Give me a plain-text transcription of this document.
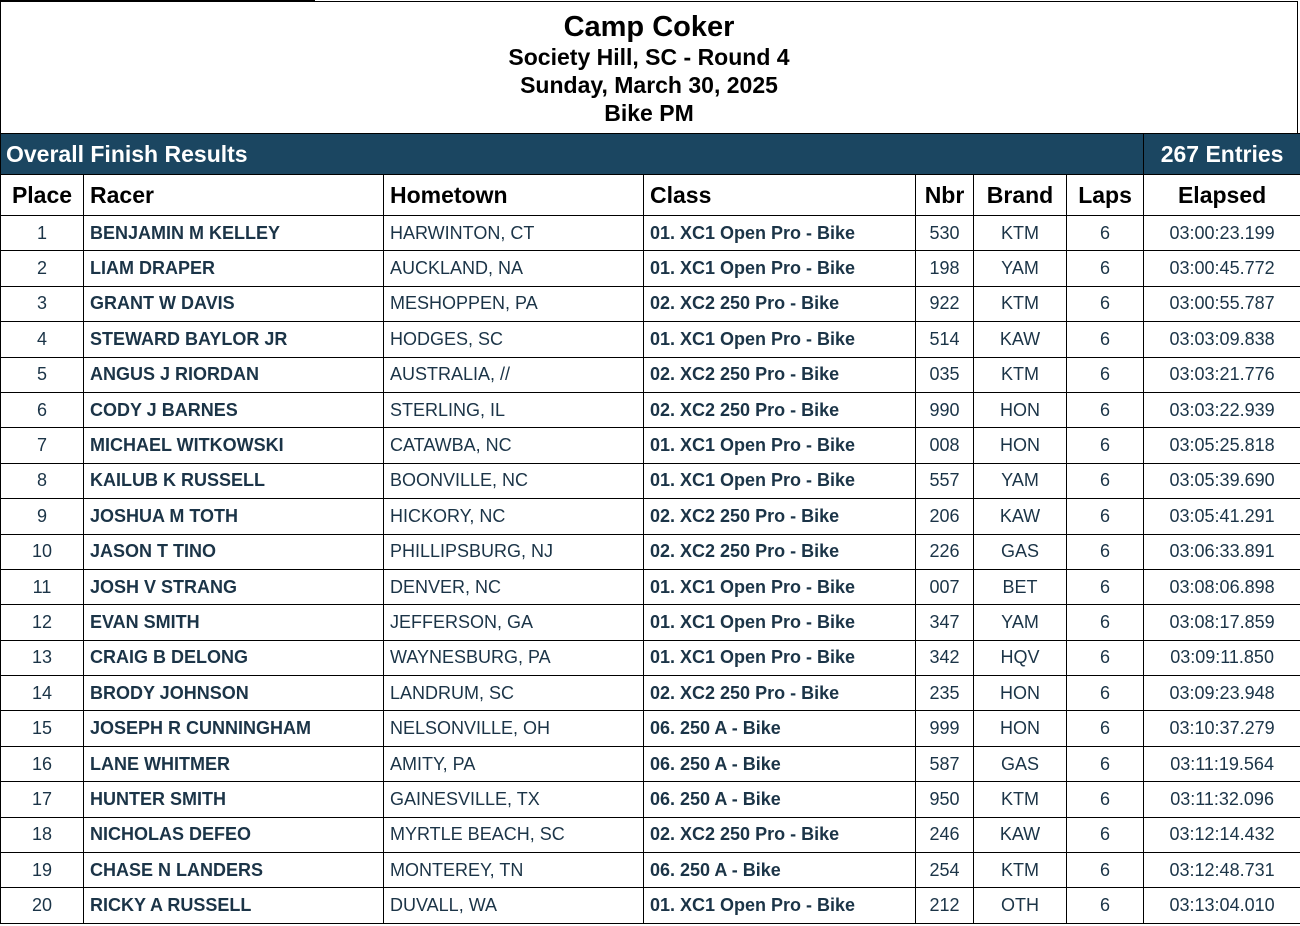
Camp Coker
Society Hill, SC - Round 4
Sunday, March 30, 2025
Bike PM
Overall Finish Results							267 Entries
Place	Racer	Hometown	Class	Nbr	Brand	Laps	Elapsed
1	BENJAMIN M KELLEY	HARWINTON, CT	01. XC1 Open Pro - Bike	530	KTM	6	03:00:23.199
2	LIAM DRAPER	AUCKLAND, NA	01. XC1 Open Pro - Bike	198	YAM	6	03:00:45.772
3	GRANT W DAVIS	MESHOPPEN, PA	02. XC2 250 Pro - Bike	922	KTM	6	03:00:55.787
4	STEWARD BAYLOR JR	HODGES, SC	01. XC1 Open Pro - Bike	514	KAW	6	03:03:09.838
5	ANGUS J RIORDAN	AUSTRALIA, //	02. XC2 250 Pro - Bike	035	KTM	6	03:03:21.776
6	CODY J BARNES	STERLING, IL	02. XC2 250 Pro - Bike	990	HON	6	03:03:22.939
7	MICHAEL WITKOWSKI	CATAWBA, NC	01. XC1 Open Pro - Bike	008	HON	6	03:05:25.818
8	KAILUB K RUSSELL	BOONVILLE, NC	01. XC1 Open Pro - Bike	557	YAM	6	03:05:39.690
9	JOSHUA M TOTH	HICKORY, NC	02. XC2 250 Pro - Bike	206	KAW	6	03:05:41.291
10	JASON T TINO	PHILLIPSBURG, NJ	02. XC2 250 Pro - Bike	226	GAS	6	03:06:33.891
11	JOSH V STRANG	DENVER, NC	01. XC1 Open Pro - Bike	007	BET	6	03:08:06.898
12	EVAN SMITH	JEFFERSON, GA	01. XC1 Open Pro - Bike	347	YAM	6	03:08:17.859
13	CRAIG B DELONG	WAYNESBURG, PA	01. XC1 Open Pro - Bike	342	HQV	6	03:09:11.850
14	BRODY JOHNSON	LANDRUM, SC	02. XC2 250 Pro - Bike	235	HON	6	03:09:23.948
15	JOSEPH R CUNNINGHAM	NELSONVILLE, OH	06. 250 A - Bike	999	HON	6	03:10:37.279
16	LANE WHITMER	AMITY, PA	06. 250 A - Bike	587	GAS	6	03:11:19.564
17	HUNTER SMITH	GAINESVILLE, TX	06. 250 A - Bike	950	KTM	6	03:11:32.096
18	NICHOLAS DEFEO	MYRTLE BEACH, SC	02. XC2 250 Pro - Bike	246	KAW	6	03:12:14.432
19	CHASE N LANDERS	MONTEREY, TN	06. 250 A - Bike	254	KTM	6	03:12:48.731
20	RICKY A RUSSELL	DUVALL, WA	01. XC1 Open Pro - Bike	212	OTH	6	03:13:04.010
